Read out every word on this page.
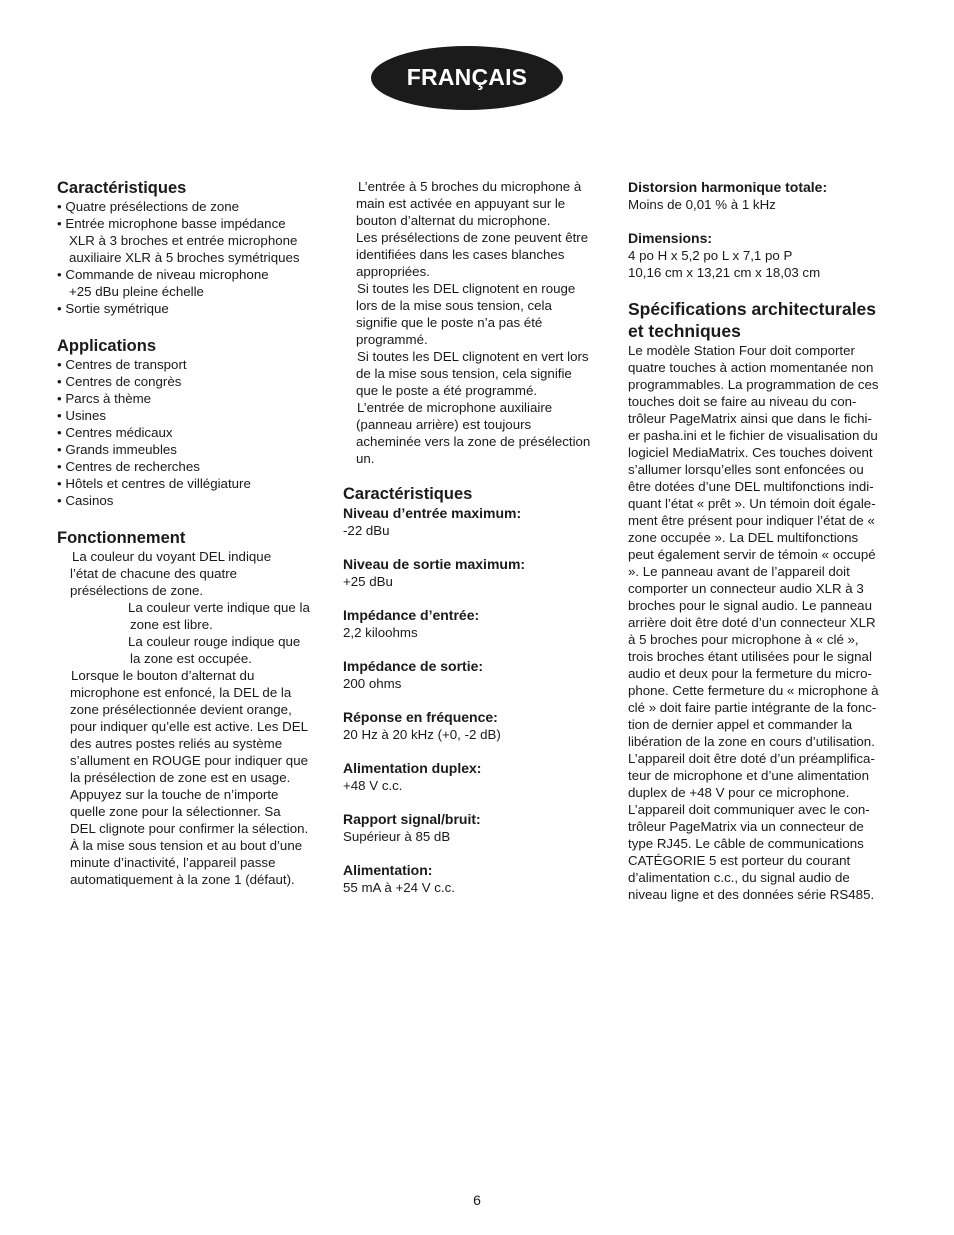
FRANÇAIS
Caractéristiques
• Quatre présélections de zone
• Entrée microphone basse impédance
XLR à 3 broches et entrée microphone
auxiliaire XLR à 5 broches symétriques
• Commande de niveau microphone
+25 dBu pleine échelle
• Sortie symétrique
Applications
• Centres de transport
• Centres de congrès
• Parcs à thème
• Usines
• Centres médicaux
• Grands immeubles
• Centres de recherches
• Hôtels et centres de villégiature
• Casinos
Fonctionnement
La couleur du voyant DEL indique
l’état de chacune des quatre
présélections de zone.
La couleur verte indique que la
zone est libre.
La couleur rouge indique que
la zone est occupée.
Lorsque le bouton d’alternat du
microphone est enfoncé, la DEL de la
zone présélectionnée devient orange,
pour indiquer qu’elle est active. Les DEL
des autres postes reliés au système
s’allument en ROUGE pour indiquer que
la présélection de zone est en usage.
Appuyez sur la touche de n’importe
quelle zone pour la sélectionner. Sa
DEL clignote pour confirmer la sélection.
À la mise sous tension et au bout d’une
minute d’inactivité, l’appareil passe
automatiquement à la zone 1 (défaut).
L’entrée à 5 broches du microphone à
main est activée en appuyant sur le
bouton d’alternat du microphone.
Les présélections de zone peuvent être
identifiées dans les cases blanches
appropriées.
Si toutes les DEL clignotent en rouge
lors de la mise sous tension, cela
signifie que le poste n’a pas été
programmé.
Si toutes les DEL clignotent en vert lors
de la mise sous tension, cela signifie
que le poste a été programmé.
L’entrée de microphone auxiliaire
(panneau arrière) est toujours
acheminée vers la zone de présélection
un.
Caractéristiques
Niveau d’entrée maximum:
-22 dBu
Niveau de sortie maximum:
+25 dBu
Impédance d’entrée:
2,2 kiloohms
Impédance de sortie:
200 ohms
Réponse en fréquence:
20 Hz à 20 kHz (+0, -2 dB)
Alimentation duplex:
+48 V c.c.
Rapport signal/bruit:
Supérieur à 85 dB
Alimentation:
55 mA à +24 V c.c.
Distorsion harmonique totale:
Moins de 0,01 % à 1 kHz
Dimensions:
4 po H x 5,2 po L x 7,1 po P
10,16 cm x 13,21 cm x 18,03 cm
Spécifications architecturales
et techniques
Le modèle Station Four doit comporter
quatre touches à action momentanée non
programmables. La programmation de ces
touches doit se faire au niveau du con-
trôleur PageMatrix ainsi que dans le fichi-
er pasha.ini et le fichier de visualisation du
logiciel MediaMatrix. Ces touches doivent
s’allumer lorsqu’elles sont enfoncées ou
être dotées d’une DEL multifonctions indi-
quant l’état « prêt ». Un témoin doit égale-
ment être présent pour indiquer l’état de «
zone occupée ». La DEL multifonctions
peut également servir de témoin « occupé
». Le panneau avant de l’appareil doit
comporter un connecteur audio XLR à 3
broches pour le signal audio. Le panneau
arrière doit être doté d’un connecteur XLR
à 5 broches pour microphone à « clé »,
trois broches étant utilisées pour le signal
audio et deux pour la fermeture du micro-
phone. Cette fermeture du « microphone à
clé » doit faire partie intégrante de la fonc-
tion de dernier appel et commander la
libération de la zone en cours d’utilisation.
L’appareil doit être doté d’un préamplifica-
teur de microphone et d’une alimentation
duplex de +48 V pour ce microphone.
L’appareil doit communiquer avec le con-
trôleur PageMatrix via un connecteur de
type RJ45. Le câble de communications
CATÉGORIE 5 est porteur du courant
d’alimentation c.c., du signal audio de
niveau ligne et des données série RS485.
6
